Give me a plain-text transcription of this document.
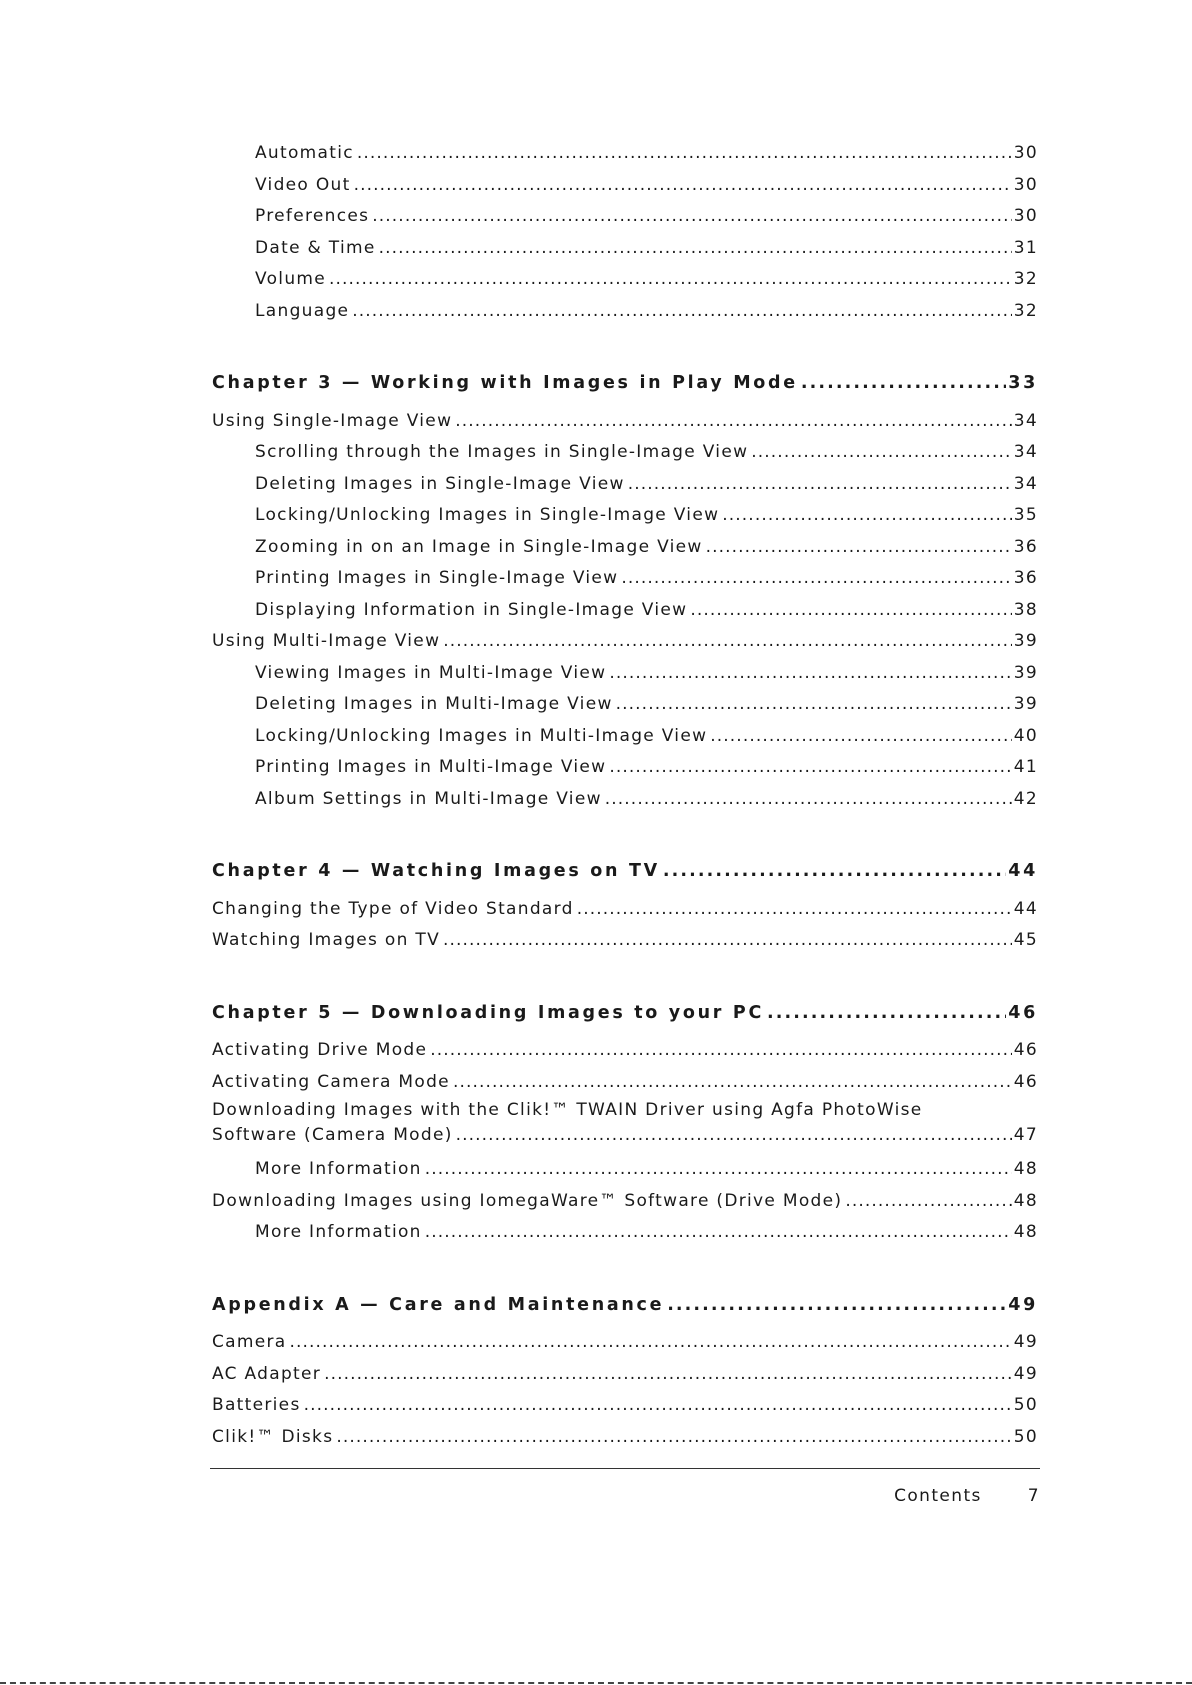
Automatic .....	30
Video Out .....	30
Preferences .....	30
Date & Time .....	31
Volume .....	32
Language .....	32
Chapter 3 — Working with Images in Play Mode .....	33
Using Single-Image View .....	34
Scrolling through the Images in Single-Image View .....	34
Deleting Images in Single-Image View .....	34
Locking/Unlocking Images in Single-Image View .....	35
Zooming in on an Image in Single-Image View .....	36
Printing Images in Single-Image View .....	36
Displaying Information in Single-Image View .....	38
Using Multi-Image View .....	39
Viewing Images in Multi-Image View .....	39
Deleting Images in Multi-Image View .....	39
Locking/Unlocking Images in Multi-Image View .....	40
Printing Images in Multi-Image View .....	41
Album Settings in Multi-Image View .....	42
Chapter 4 — Watching Images on TV .....	44
Changing the Type of Video Standard .....	44
Watching Images on TV .....	45
Chapter 5 — Downloading Images to your PC .....	46
Activating Drive Mode .....	46
Activating Camera Mode .....	46
Downloading Images with the Clik!™ TWAIN Driver using Agfa PhotoWise
Software (Camera Mode) .....	47
More Information .....	48
Downloading Images using IomegaWare™ Software (Drive Mode) .....	48
More Information .....	48
Appendix A — Care and Maintenance .....	49
Camera .....	49
AC Adapter .....	49
Batteries .....	50
Clik!™ Disks .....	50
Contents	7
